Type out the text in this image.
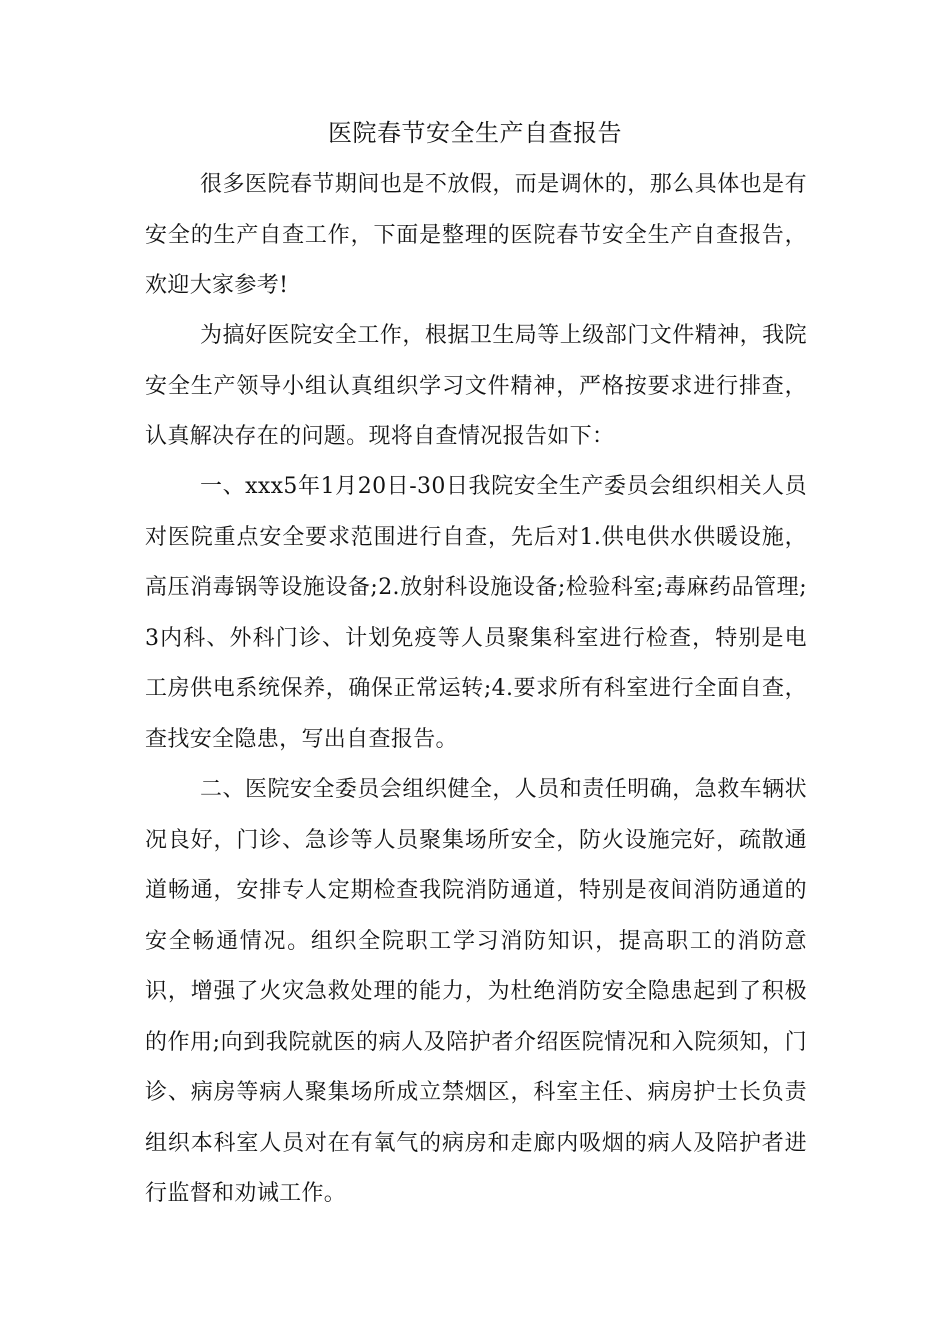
医院春节安全生产自查报告

很多医院春节期间也是不放假，而是调休的，那么具体也是有安全的生产自查工作，下面是整理的医院春节安全生产自查报告，欢迎大家参考!

为搞好医院安全工作，根据卫生局等上级部门文件精神，我院安全生产领导小组认真组织学习文件精神，严格按要求进行排查，认真解决存在的问题。现将自查情况报告如下：

一、xxx5年1月20日-30日我院安全生产委员会组织相关人员对医院重点安全要求范围进行自查，先后对1.供电供水供暖设施，高压消毒锅等设施设备;2.放射科设施设备;检验科室;毒麻药品管理;3内科、外科门诊、计划免疫等人员聚集科室进行检查，特别是电工房供电系统保养，确保正常运转;4.要求所有科室进行全面自查，查找安全隐患，写出自查报告。

二、医院安全委员会组织健全，人员和责任明确，急救车辆状况良好，门诊、急诊等人员聚集场所安全，防火设施完好，疏散通道畅通，安排专人定期检查我院消防通道，特别是夜间消防通道的安全畅通情况。组织全院职工学习消防知识，提高职工的消防意识，增强了火灾急救处理的能力，为杜绝消防安全隐患起到了积极的作用;向到我院就医的病人及陪护者介绍医院情况和入院须知，门诊、病房等病人聚集场所成立禁烟区，科室主任、病房护士长负责组织本科室人员对在有氧气的病房和走廊内吸烟的病人及陪护者进行监督和劝诫工作。
